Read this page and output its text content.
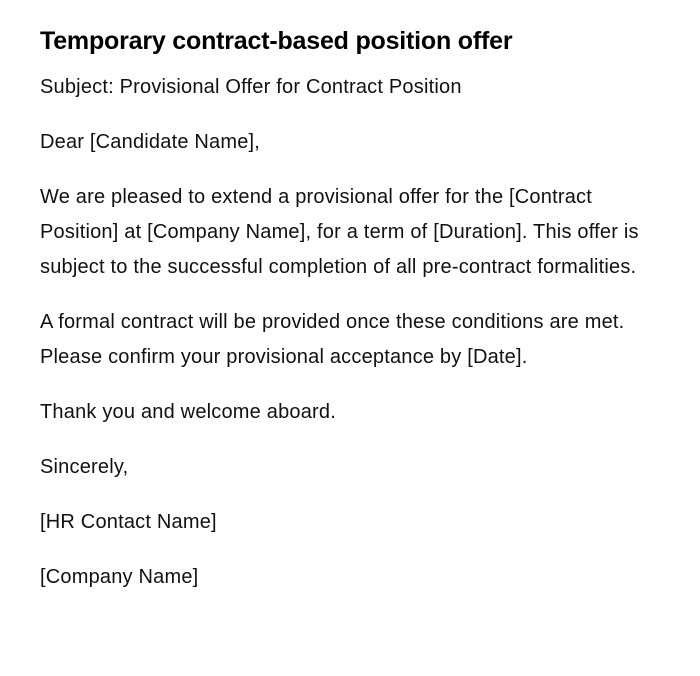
Temporary contract-based position offer

Subject: Provisional Offer for Contract Position

Dear [Candidate Name],

We are pleased to extend a provisional offer for the [Contract Position] at [Company Name], for a term of [Duration]. This offer is subject to the successful completion of all pre-contract formalities.

A formal contract will be provided once these conditions are met. Please confirm your provisional acceptance by [Date].

Thank you and welcome aboard.

Sincerely,

[HR Contact Name]

[Company Name]
